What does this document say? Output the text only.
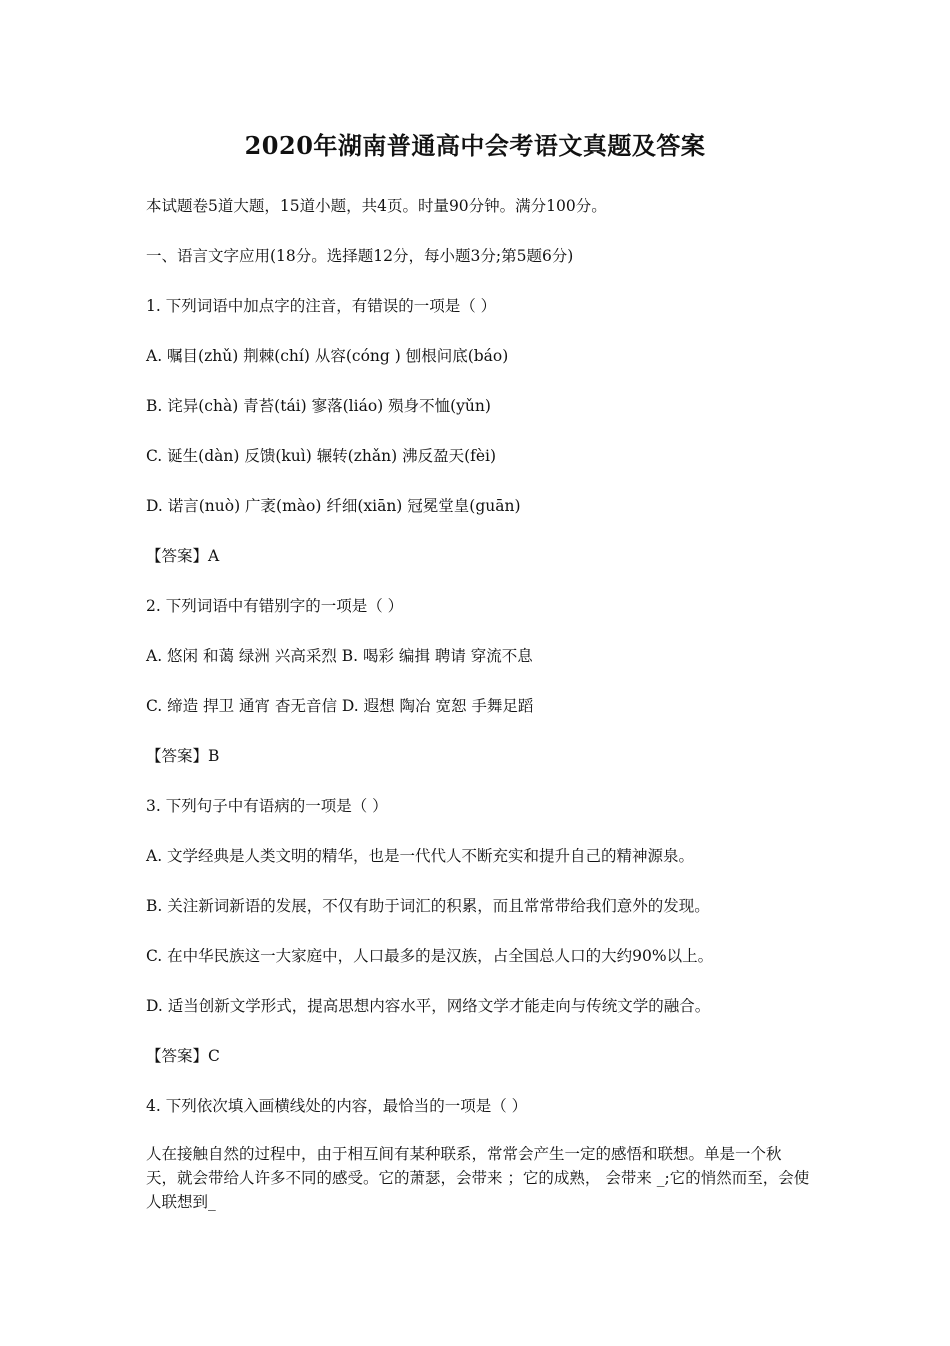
2020年湖南普通高中会考语文真题及答案
本试题卷5道大题，15道小题，共4页。时量90分钟。满分100分。
一、语言文字应用(18分。选择题12分，每小题3分;第5题6分)
1. 下列词语中加点字的注音，有错误的一项是（ ）
A. 嘱目(zhǔ) 荆棘(chí) 从容(cóng ) 刨根问底(báo)
B. 诧异(chà) 青苔(tái) 寥落(liáo) 殒身不恤(yǔn)
C. 诞生(dàn) 反馈(kuì) 辗转(zhǎn) 沸反盈天(fèi)
D. 诺言(nuò) 广袤(mào) 纤细(xiān) 冠冕堂皇(guān)
【答案】A
2. 下列词语中有错别字的一项是（ ）
A. 悠闲 和蔼 绿洲 兴高采烈 B. 喝彩 编揖 聘请 穿流不息
C. 缔造 捍卫 通宵 杳无音信 D. 遐想 陶冶 宽恕 手舞足蹈
【答案】B
3. 下列句子中有语病的一项是（ ）
A. 文学经典是人类文明的精华，也是一代代人不断充实和提升自己的精神源泉。
B. 关注新词新语的发展，不仅有助于词汇的积累，而且常常带给我们意外的发现。
C. 在中华民族这一大家庭中，人口最多的是汉族，占全国总人口的大约90%以上。
D. 适当创新文学形式，提高思想内容水平，网络文学才能走向与传统文学的融合。
【答案】C
4. 下列依次填入画横线处的内容，最恰当的一项是（ ）
人在接触自然的过程中，由于相互间有某种联系，常常会产生一定的感悟和联想。单是一个秋天，就会带给人许多不同的感受。它的萧瑟，会带来 ；它的成熟， 会带来 _;它的悄然而至，会使人联想到_
